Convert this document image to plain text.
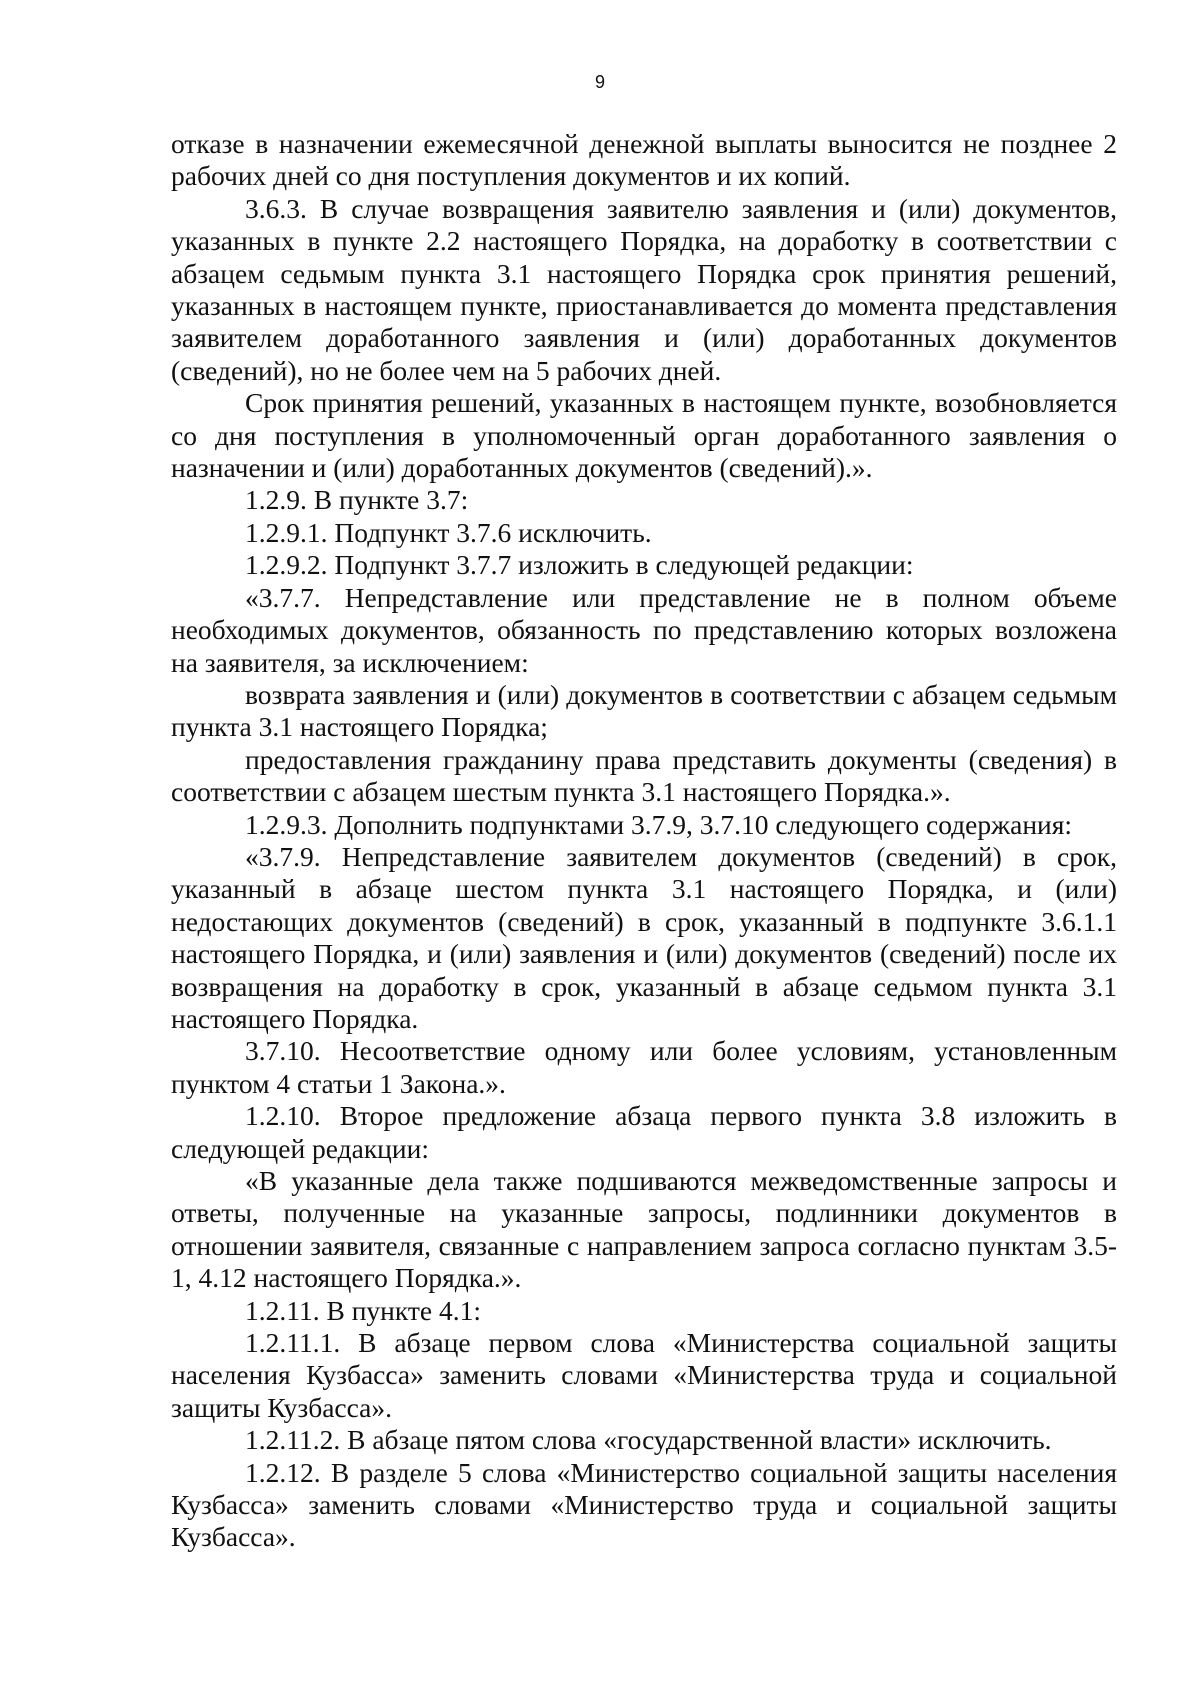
9

отказе в назначении ежемесячной денежной выплаты выносится не позднее 2 рабочих дней со дня поступления документов и их копий.

3.6.3. В случае возвращения заявителю заявления и (или) документов, указанных в пункте 2.2 настоящего Порядка, на доработку в соответствии с абзацем седьмым пункта 3.1 настоящего Порядка срок принятия решений, указанных в настоящем пункте, приостанавливается до момента представления заявителем доработанного заявления и (или) доработанных документов (сведений), но не более чем на 5 рабочих дней.

Срок принятия решений, указанных в настоящем пункте, возобновляется со дня поступления в уполномоченный орган доработанного заявления о назначении и (или) доработанных документов (сведений).».

1.2.9. В пункте 3.7:

1.2.9.1. Подпункт 3.7.6 исключить.

1.2.9.2. Подпункт 3.7.7 изложить в следующей редакции:

«3.7.7. Непредставление или представление не в полном объеме необходимых документов, обязанность по представлению которых возложена на заявителя, за исключением:

возврата заявления и (или) документов в соответствии с абзацем седьмым пункта 3.1 настоящего Порядка;

предоставления гражданину права представить документы (сведения) в соответствии с абзацем шестым пункта 3.1 настоящего Порядка.».

1.2.9.3. Дополнить подпунктами 3.7.9, 3.7.10 следующего содержания:

«3.7.9. Непредставление заявителем документов (сведений) в срок, указанный в абзаце шестом пункта 3.1 настоящего Порядка, и (или) недостающих документов (сведений) в срок, указанный в подпункте 3.6.1.1 настоящего Порядка, и (или) заявления и (или) документов (сведений) после их возвращения на доработку в срок, указанный в абзаце седьмом пункта 3.1 настоящего Порядка.

3.7.10. Несоответствие одному или более условиям, установленным пунктом 4 статьи 1 Закона.».

1.2.10. Второе предложение абзаца первого пункта 3.8 изложить в следующей редакции:

«В указанные дела также подшиваются межведомственные запросы и ответы, полученные на указанные запросы, подлинники документов в отношении заявителя, связанные с направлением запроса согласно пунктам 3.5-1, 4.12 настоящего Порядка.».

1.2.11. В пункте 4.1:

1.2.11.1. В абзаце первом слова «Министерства социальной защиты населения Кузбасса» заменить словами «Министерства труда и социальной защиты Кузбасса».

1.2.11.2. В абзаце пятом слова «государственной власти» исключить.

1.2.12. В разделе 5 слова «Министерство социальной защиты населения Кузбасса» заменить словами «Министерство труда и социальной защиты Кузбасса».
